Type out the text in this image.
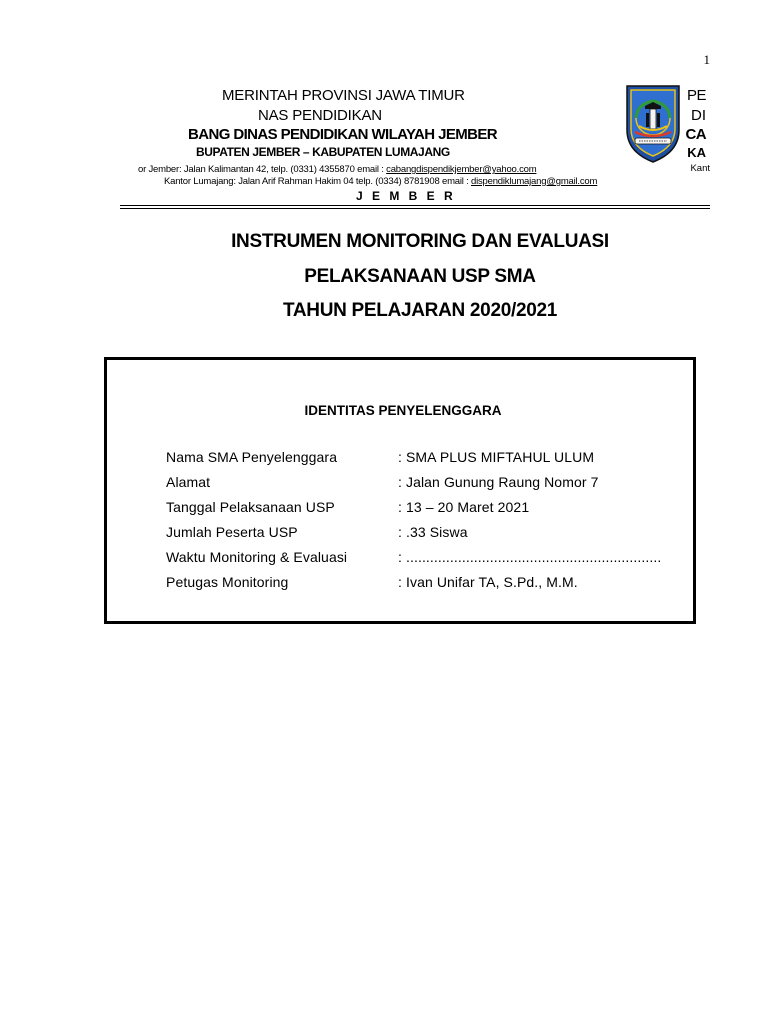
1
MERINTAH PROVINSI JAWA TIMUR
NAS PENDIDIKAN
BANG DINAS PENDIDIKAN WILAYAH JEMBER
BUPATEN JEMBER – KABUPATEN LUMAJANG
or Jember: Jalan Kalimantan 42, telp. (0331) 4355870 email : cabangdispendikjember@yahoo.com
Kantor Lumajang: Jalan Arif Rahman Hakim 04 telp. (0334) 8781908 email : dispendiklumajang@gmail.com
J E M B E R
PE
DI
CA
KA
Kant
INSTRUMEN MONITORING DAN EVALUASI
PELAKSANAAN USP SMA
TAHUN PELAJARAN 2020/2021
IDENTITAS PENYELENGGARA
Nama SMA Penyelenggara	: SMA PLUS MIFTAHUL ULUM
Alamat	: Jalan Gunung Raung Nomor 7
Tanggal Pelaksanaan USP	: 13 – 20 Maret 2021
Jumlah Peserta USP	: .33 Siswa
Waktu Monitoring & Evaluasi	: ................................................................
Petugas Monitoring	: Ivan Unifar TA, S.Pd., M.M.
